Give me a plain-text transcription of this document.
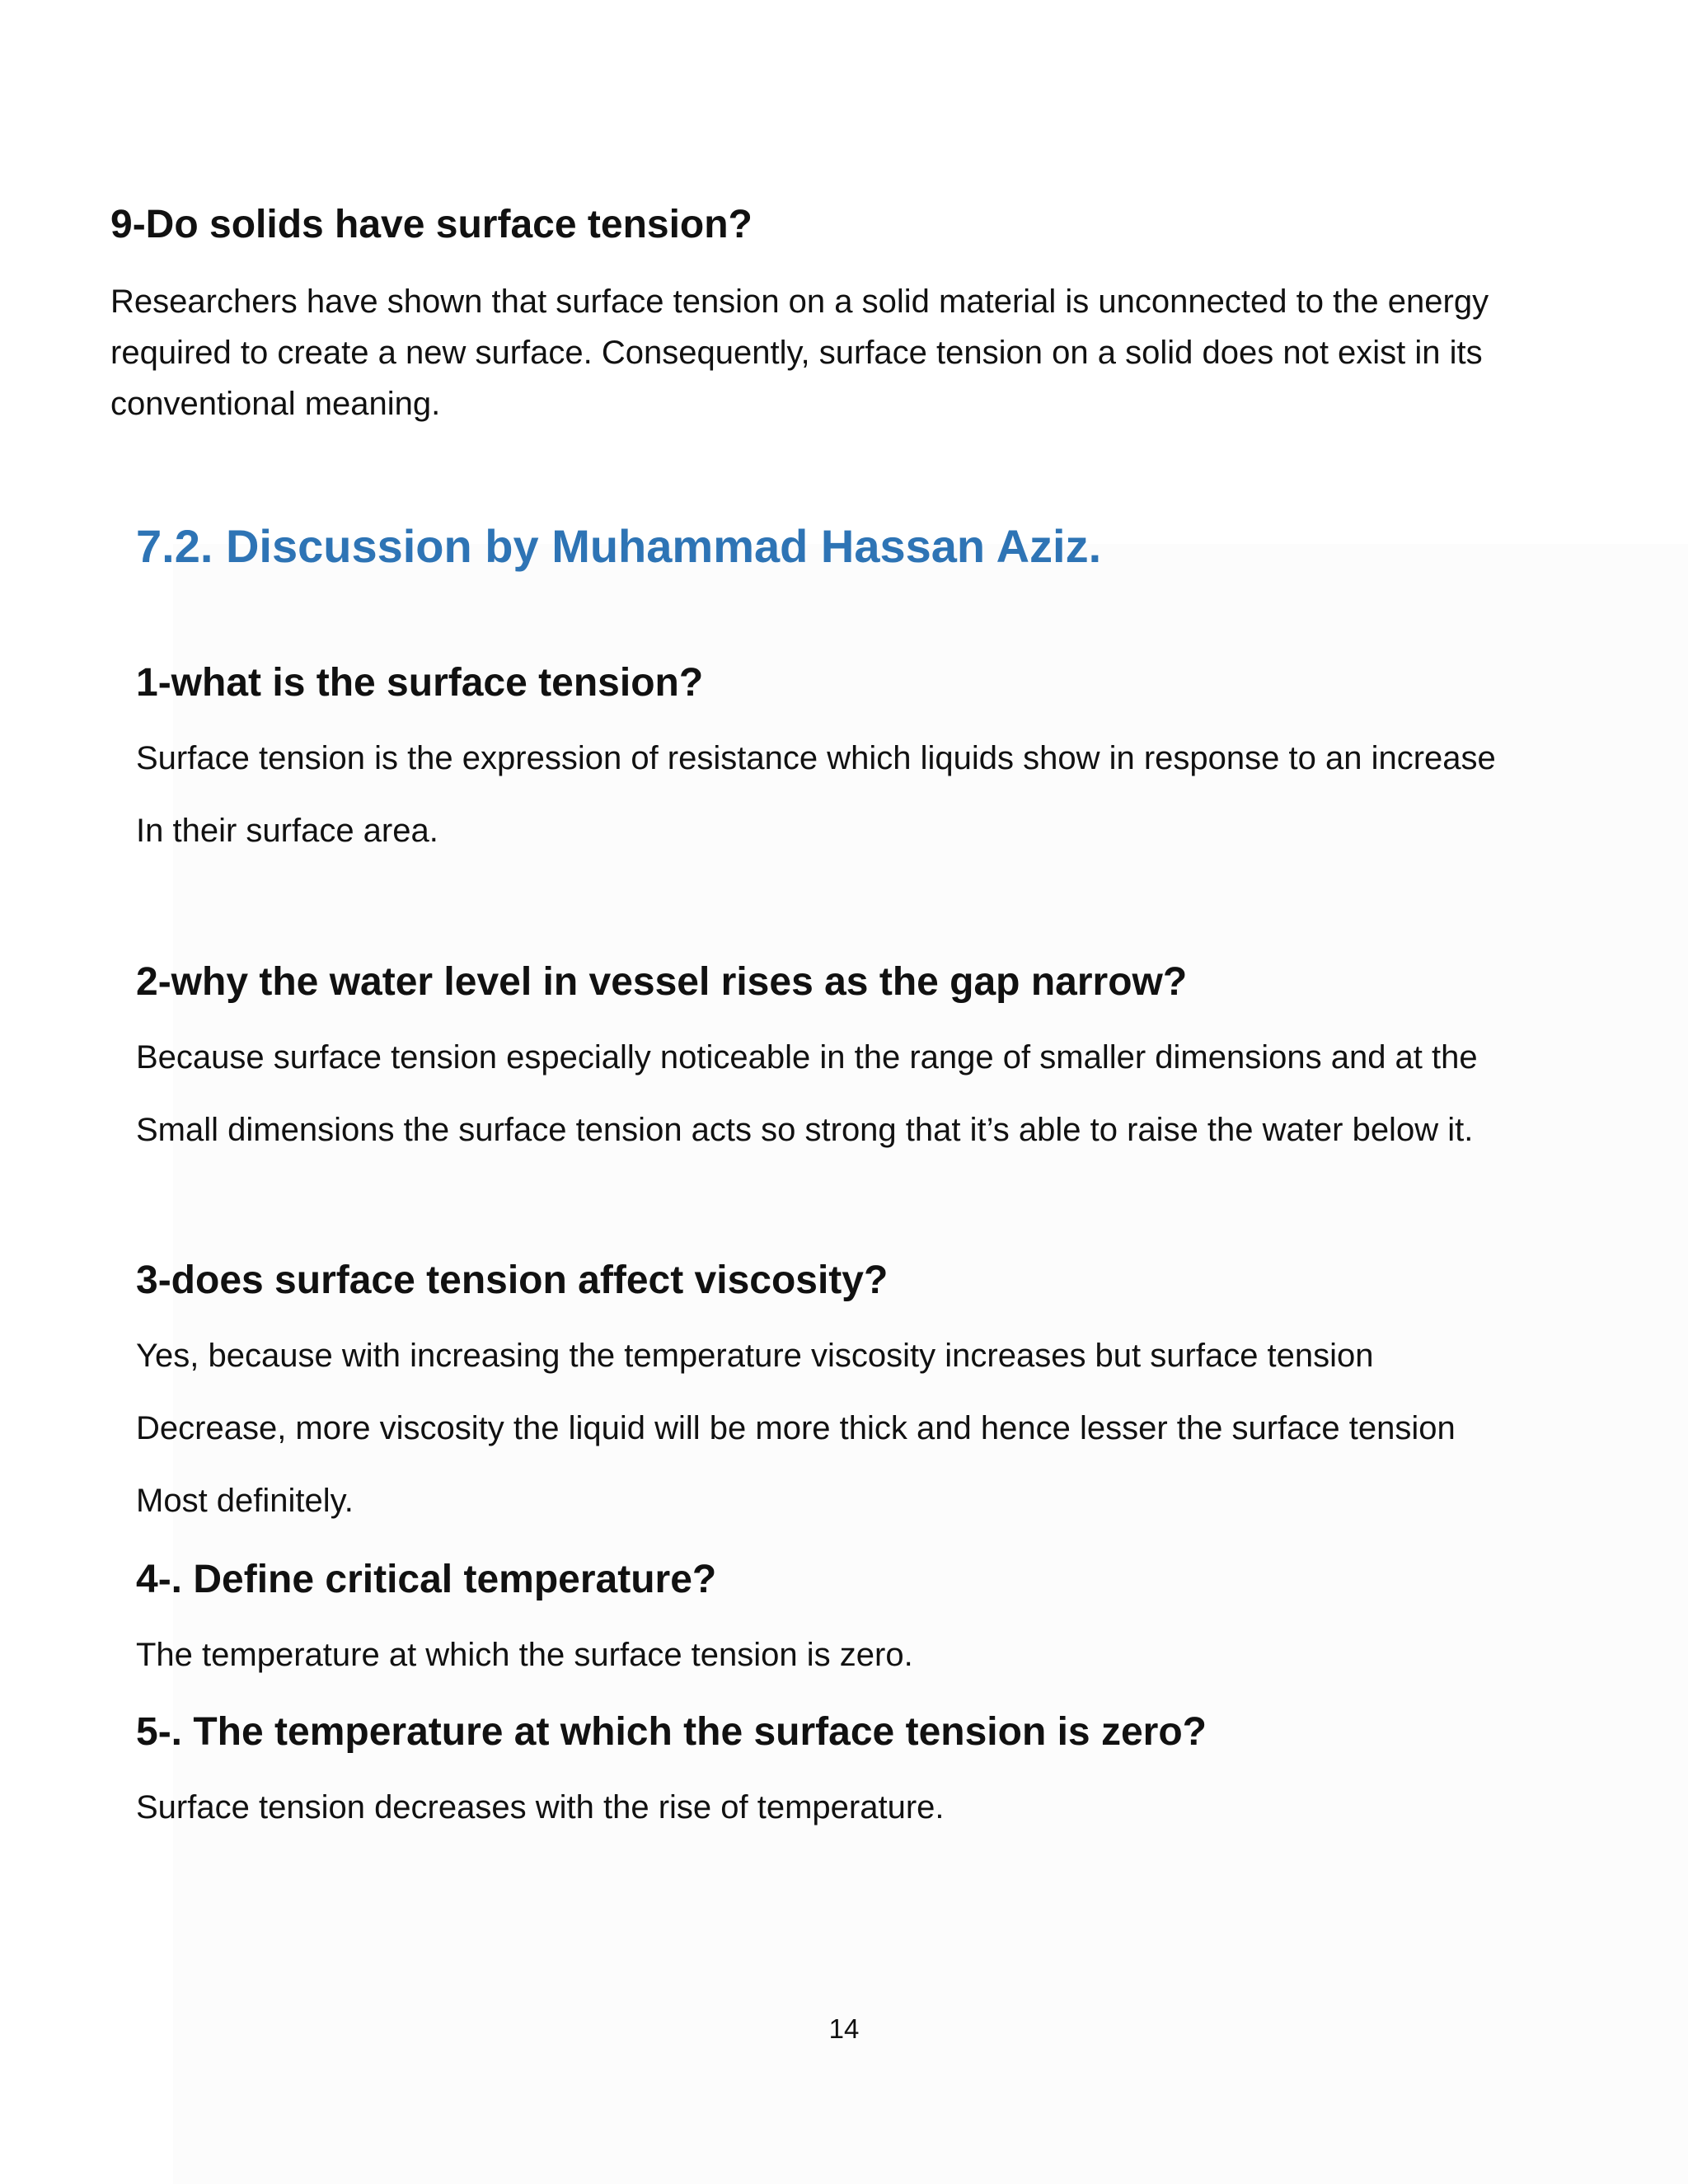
9-Do solids have surface tension?

Researchers have shown that surface tension on a solid material is unconnected to the energy

required to create a new surface. Consequently, surface tension on a solid does not exist in its

conventional meaning.

7.2. Discussion by Muhammad Hassan Aziz.
1-what is the surface tension?

Surface tension is the expression of resistance which liquids show in response to an increase

In their surface area.

2-why the water level in vessel rises as the gap narrow?

Because surface tension especially noticeable in the range of smaller dimensions and at the

Small dimensions the surface tension acts so strong that it’s able to raise the water below it.

3-does surface tension affect viscosity?

Yes, because with increasing the temperature viscosity increases but surface tension

Decrease, more viscosity the liquid will be more thick and hence lesser the surface tension

Most definitely.

4-. Define critical temperature?

The temperature at which the surface tension is zero.

5-. The temperature at which the surface tension is zero?

Surface tension decreases with the rise of temperature.

14
